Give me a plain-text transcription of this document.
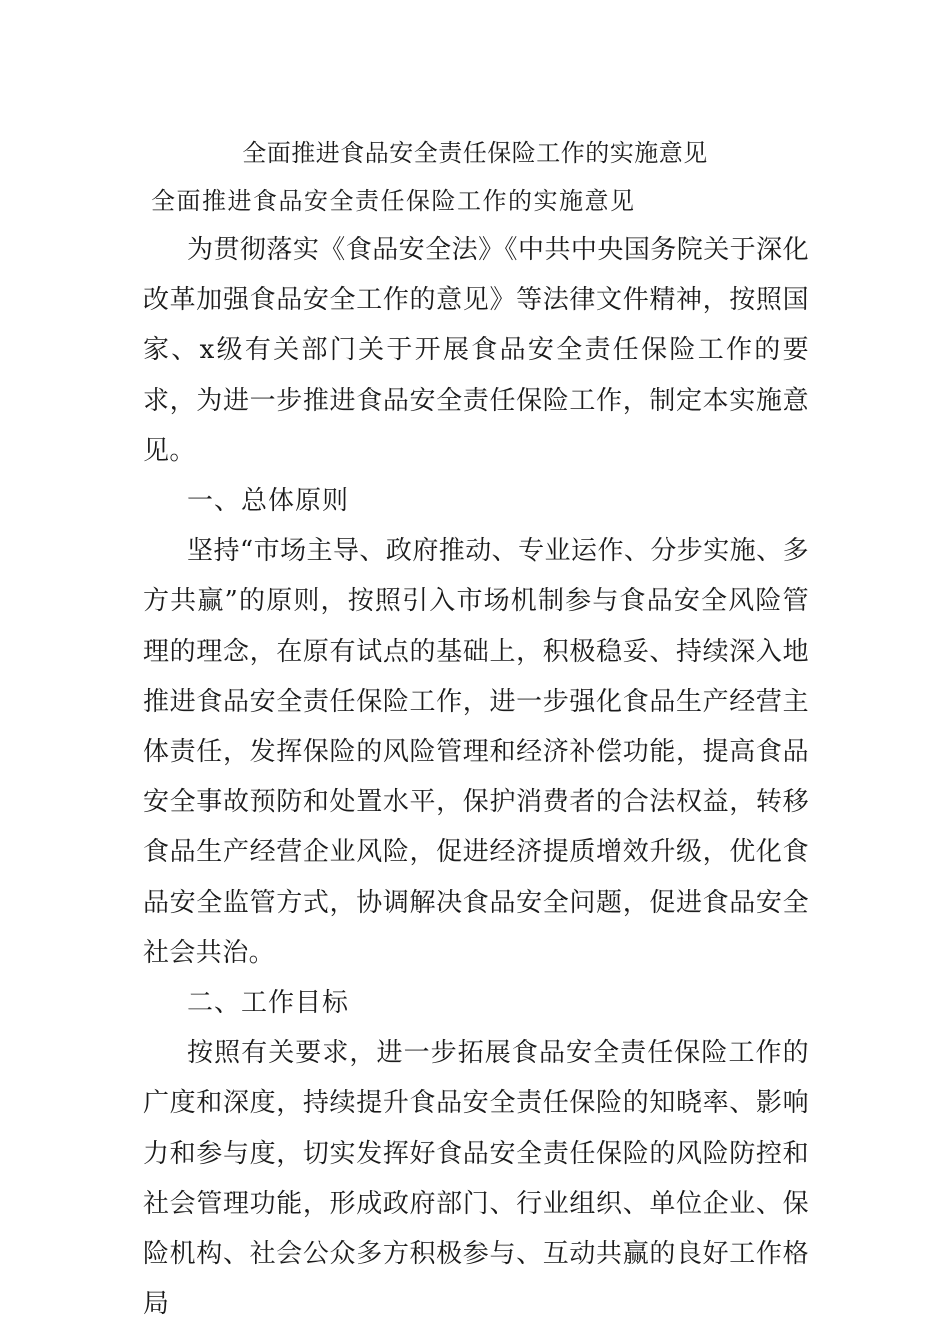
全面推进食品安全责任保险工作的实施意见
全面推进食品安全责任保险工作的实施意见

为贯彻落实《食品安全法》《中共中央国务院关于深化改革加强食品安全工作的意见》等法律文件精神，按照国家、x级有关部门关于开展食品安全责任保险工作的要求，为进一步推进食品安全责任保险工作，制定本实施意见。

一、总体原则

坚持“市场主导、政府推动、专业运作、分步实施、多方共赢”的原则，按照引入市场机制参与食品安全风险管理的理念，在原有试点的基础上，积极稳妥、持续深入地推进食品安全责任保险工作，进一步强化食品生产经营主体责任，发挥保险的风险管理和经济补偿功能，提高食品安全事故预防和处置水平，保护消费者的合法权益，转移食品生产经营企业风险，促进经济提质增效升级，优化食品安全监管方式，协调解决食品安全问题，促进食品安全社会共治。

二、工作目标

按照有关要求，进一步拓展食品安全责任保险工作的广度和深度，持续提升食品安全责任保险的知晓率、影响力和参与度，切实发挥好食品安全责任保险的风险防控和社会管理功能，形成政府部门、行业组织、单位企业、保险机构、社会公众多方积极参与、互动共赢的良好工作格局
